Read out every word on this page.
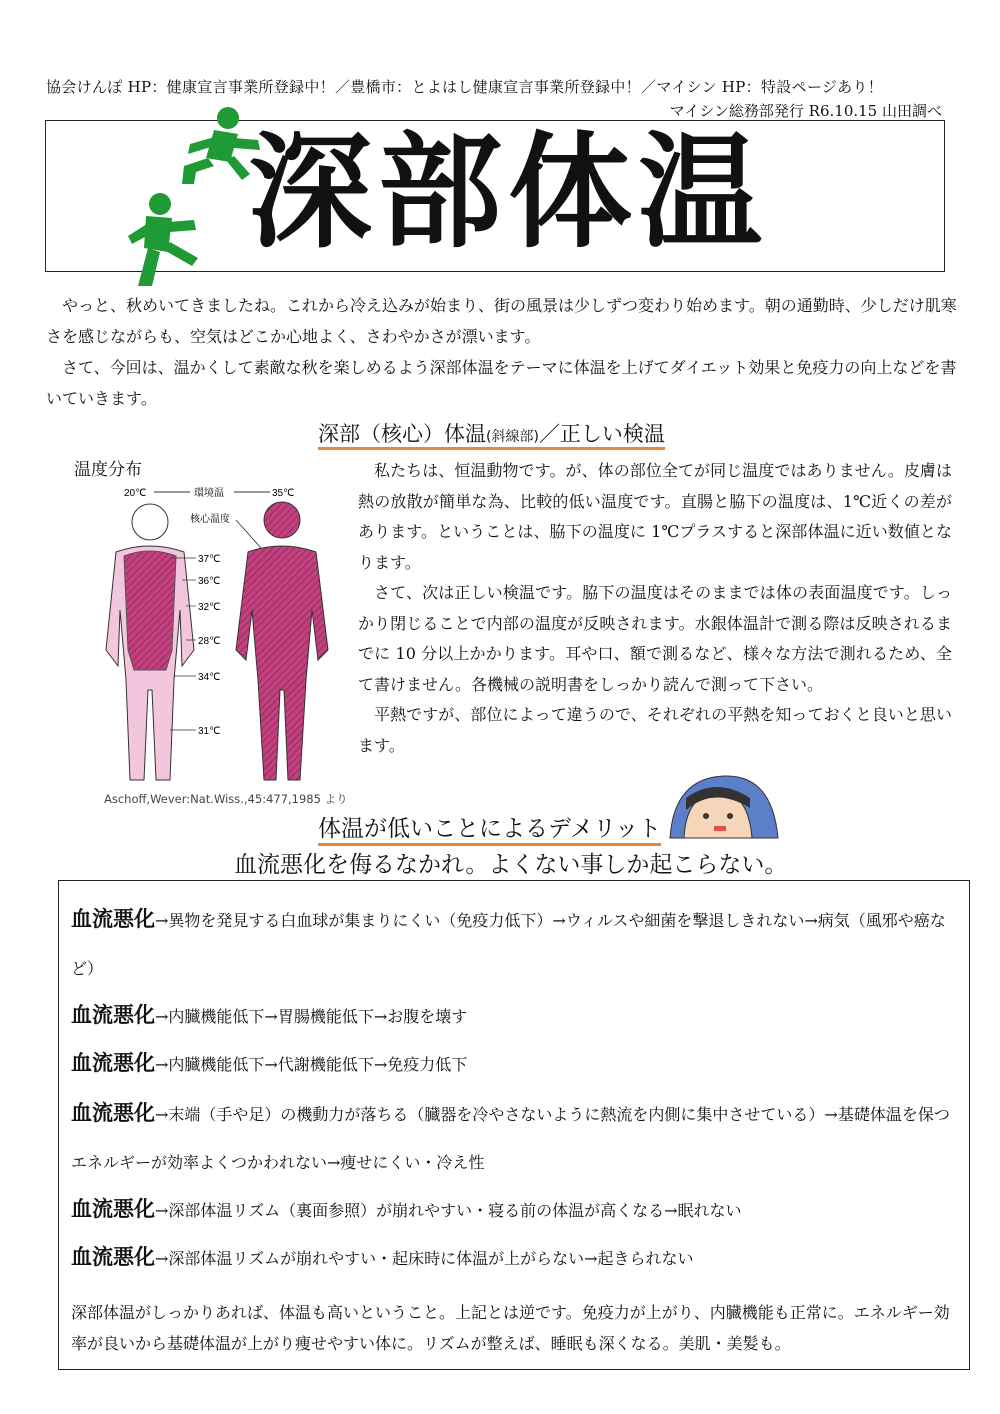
協会けんぽ HP：健康宣言事業所登録中！／豊橋市：とよはし健康宣言事業所登録中！／マイシン HP：特設ページあり！
マイシン総務部発行 R6.10.15 山田調べ
深部体温

やっと、秋めいてきましたね。これから冷え込みが始まり、街の風景は少しずつ変わり始めます。朝の通勤時、少しだけ肌寒さを感じながらも、空気はどこか心地よく、さわやかさが漂います。

さて、今回は、温かくして素敵な秋を楽しめるよう深部体温をテーマに体温を上げてダイエット効果と免疫力の向上などを書いていきます。

深部（核心）体温(斜線部)／正しい検温
温度分布
20℃	環境温	35℃
核心温度
37℃
36℃
32℃
28℃
34℃
31℃
Aschoff,Wever:Nat.Wiss.,45:477,1985 より

私たちは、恒温動物です。が、体の部位全てが同じ温度ではありません。皮膚は熱の放散が簡単な為、比較的低い温度です。直腸と脇下の温度は、1℃近くの差があります。ということは、脇下の温度に 1℃プラスすると深部体温に近い数値となります。

さて、次は正しい検温です。脇下の温度はそのままでは体の表面温度です。しっかり閉じることで内部の温度が反映されます。水銀体温計で測る際は反映されるまでに 10 分以上かかります。耳や口、額で測るなど、様々な方法で測れるため、全て書けません。各機械の説明書をしっかり読んで測って下さい。

平熱ですが、部位によって違うので、それぞれの平熱を知っておくと良いと思います。

体温が低いことによるデメリット
血流悪化を侮るなかれ。よくない事しか起こらない。
血流悪化→異物を発見する白血球が集まりにくい（免疫力低下）→ウィルスや細菌を撃退しきれない→病気（風邪や癌など）
血流悪化→内臓機能低下→胃腸機能低下→お腹を壊す
血流悪化→内臓機能低下→代謝機能低下→免疫力低下
血流悪化→末端（手や足）の機動力が落ちる（臓器を冷やさないように熱流を内側に集中させている）→基礎体温を保つエネルギーが効率よくつかわれない→痩せにくい・冷え性
血流悪化→深部体温リズム（裏面参照）が崩れやすい・寝る前の体温が高くなる→眠れない
血流悪化→深部体温リズムが崩れやすい・起床時に体温が上がらない→起きられない
深部体温がしっかりあれば、体温も高いということ。上記とは逆です。免疫力が上がり、内臓機能も正常に。エネルギー効率が良いから基礎体温が上がり痩せやすい体に。リズムが整えば、睡眠も深くなる。美肌・美髪も。
